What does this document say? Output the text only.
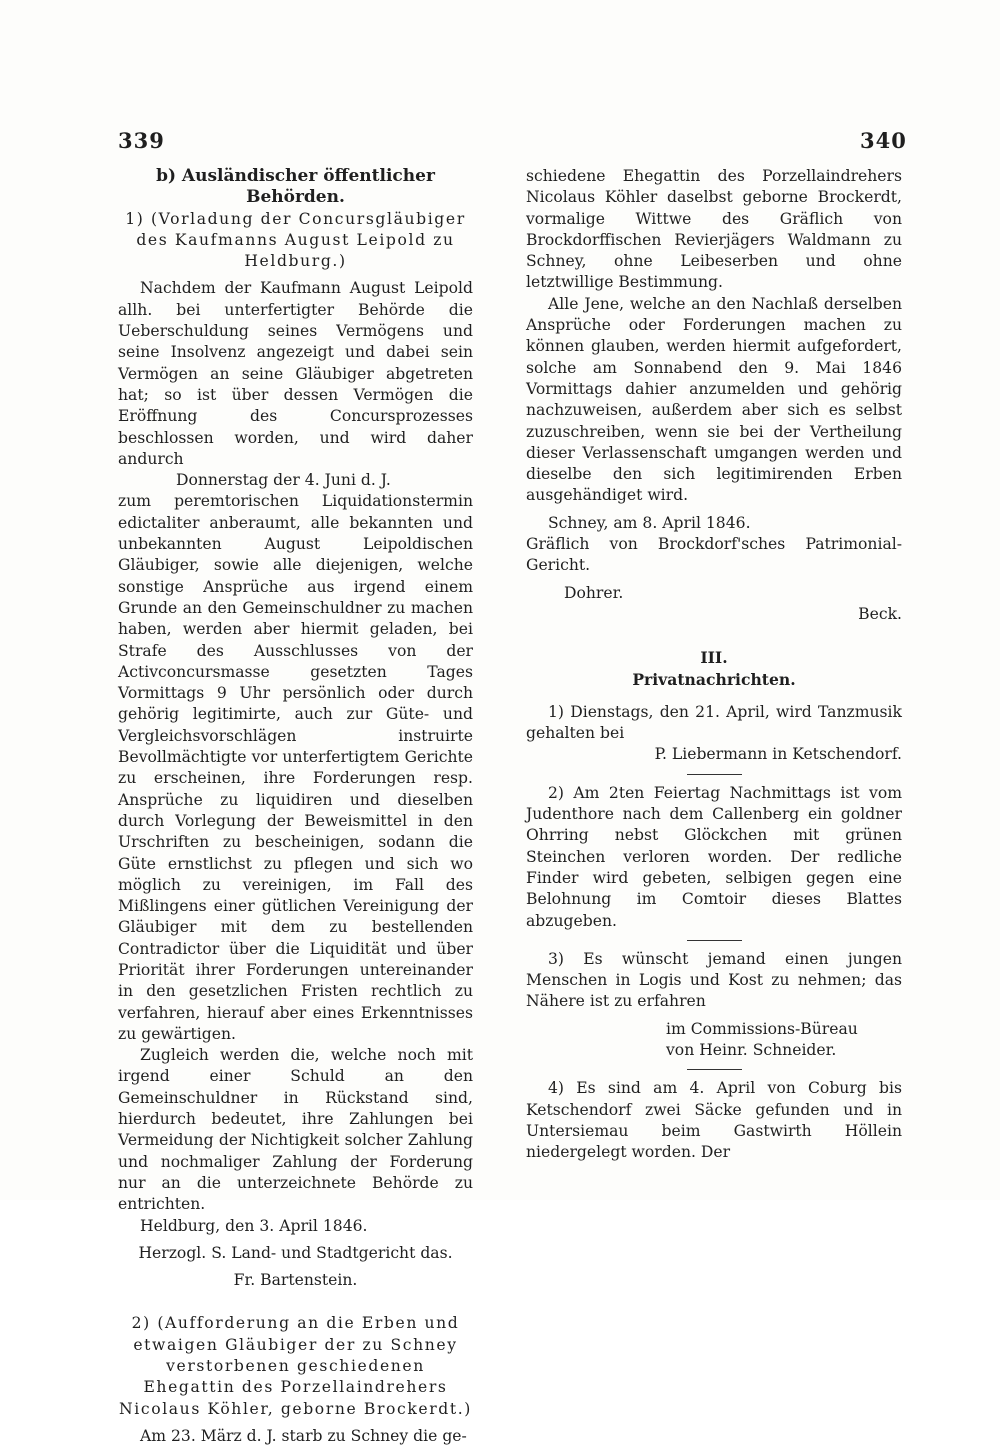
339	340

b) Ausländischer öffentlicher Behörden.

1) (Vorladung der Concursgläubiger des Kaufmanns August Leipold zu Heldburg.)

Nachdem der Kaufmann August Leipold allh. bei unterfertigter Behörde die Ueberschuldung seines Vermögens und seine Insolvenz angezeigt und dabei sein Vermögen an seine Gläubiger abgetreten hat; so ist über dessen Vermögen die Eröffnung des Concursprozesses beschlossen worden, und wird daher andurch

Donnerstag der 4. Juni d. J.

zum peremtorischen Liquidationstermin edictaliter anberaumt, alle bekannten und unbekannten August Leipoldischen Gläubiger, sowie alle diejenigen, welche sonstige Ansprüche aus irgend einem Grunde an den Gemeinschuldner zu machen haben, werden aber hiermit geladen, bei Strafe des Ausschlusses von der Activconcursmasse gesetzten Tages Vormittags 9 Uhr persönlich oder durch gehörig legitimirte, auch zur Güte- und Vergleichsvorschlägen instruirte Bevollmächtigte vor unterfertigtem Gerichte zu erscheinen, ihre Forderungen resp. Ansprüche zu liquidiren und dieselben durch Vorlegung der Beweismittel in den Urschriften zu bescheinigen, sodann die Güte ernstlichst zu pflegen und sich wo möglich zu vereinigen, im Fall des Mißlingens einer gütlichen Vereinigung der Gläubiger mit dem zu bestellenden Contradictor über die Liquidität und über Priorität ihrer Forderungen untereinander in den gesetzlichen Fristen rechtlich zu verfahren, hierauf aber eines Erkenntnisses zu gewärtigen.

Zugleich werden die, welche noch mit irgend einer Schuld an den Gemeinschuldner in Rückstand sind, hierdurch bedeutet, ihre Zahlungen bei Vermeidung der Nichtigkeit solcher Zahlung und nochmaliger Zahlung der Forderung nur an die unterzeichnete Behörde zu entrichten.

Heldburg, den 3. April 1846.

Herzogl. S. Land- und Stadtgericht das.

Fr. Bartenstein.

2) (Aufforderung an die Erben und etwaigen Gläubiger der zu Schney verstorbenen geschiedenen Ehegattin des Porzellaindrehers Nicolaus Köhler, geborne Brockerdt.)

Am 23. März d. J. starb zu Schney die ge-

schiedene Ehegattin des Porzellaindrehers Nicolaus Köhler daselbst geborne Brockerdt, vormalige Wittwe des Gräflich von Brockdorffischen Revierjägers Waldmann zu Schney, ohne Leibeserben und ohne letztwillige Bestimmung.

Alle Jene, welche an den Nachlaß derselben Ansprüche oder Forderungen machen zu können glauben, werden hiermit aufgefordert, solche am Sonnabend den 9. Mai 1846 Vormittags dahier anzumelden und gehörig nachzuweisen, außerdem aber sich es selbst zuzuschreiben, wenn sie bei der Vertheilung dieser Verlassenschaft umgangen werden und dieselbe den sich legitimirenden Erben ausgehändiget wird.

Schney, am 8. April 1846.

Gräflich von Brockdorf'sches Patrimonial-Gericht.

Dohrer.

Beck.

III.

Privatnachrichten.

1) Dienstags, den 21. April, wird Tanzmusik gehalten bei

P. Liebermann in Ketschendorf.

2) Am 2ten Feiertag Nachmittags ist vom Judenthore nach dem Callenberg ein goldner Ohrring nebst Glöckchen mit grünen Steinchen verloren worden. Der redliche Finder wird gebeten, selbigen gegen eine Belohnung im Comtoir dieses Blattes abzugeben.

3) Es wünscht jemand einen jungen Menschen in Logis und Kost zu nehmen; das Nähere ist zu erfahren

im Commissions-Büreau

von Heinr. Schneider.

4) Es sind am 4. April von Coburg bis Ketschendorf zwei Säcke gefunden und in Untersiemau beim Gastwirth Höllein niedergelegt worden. Der
